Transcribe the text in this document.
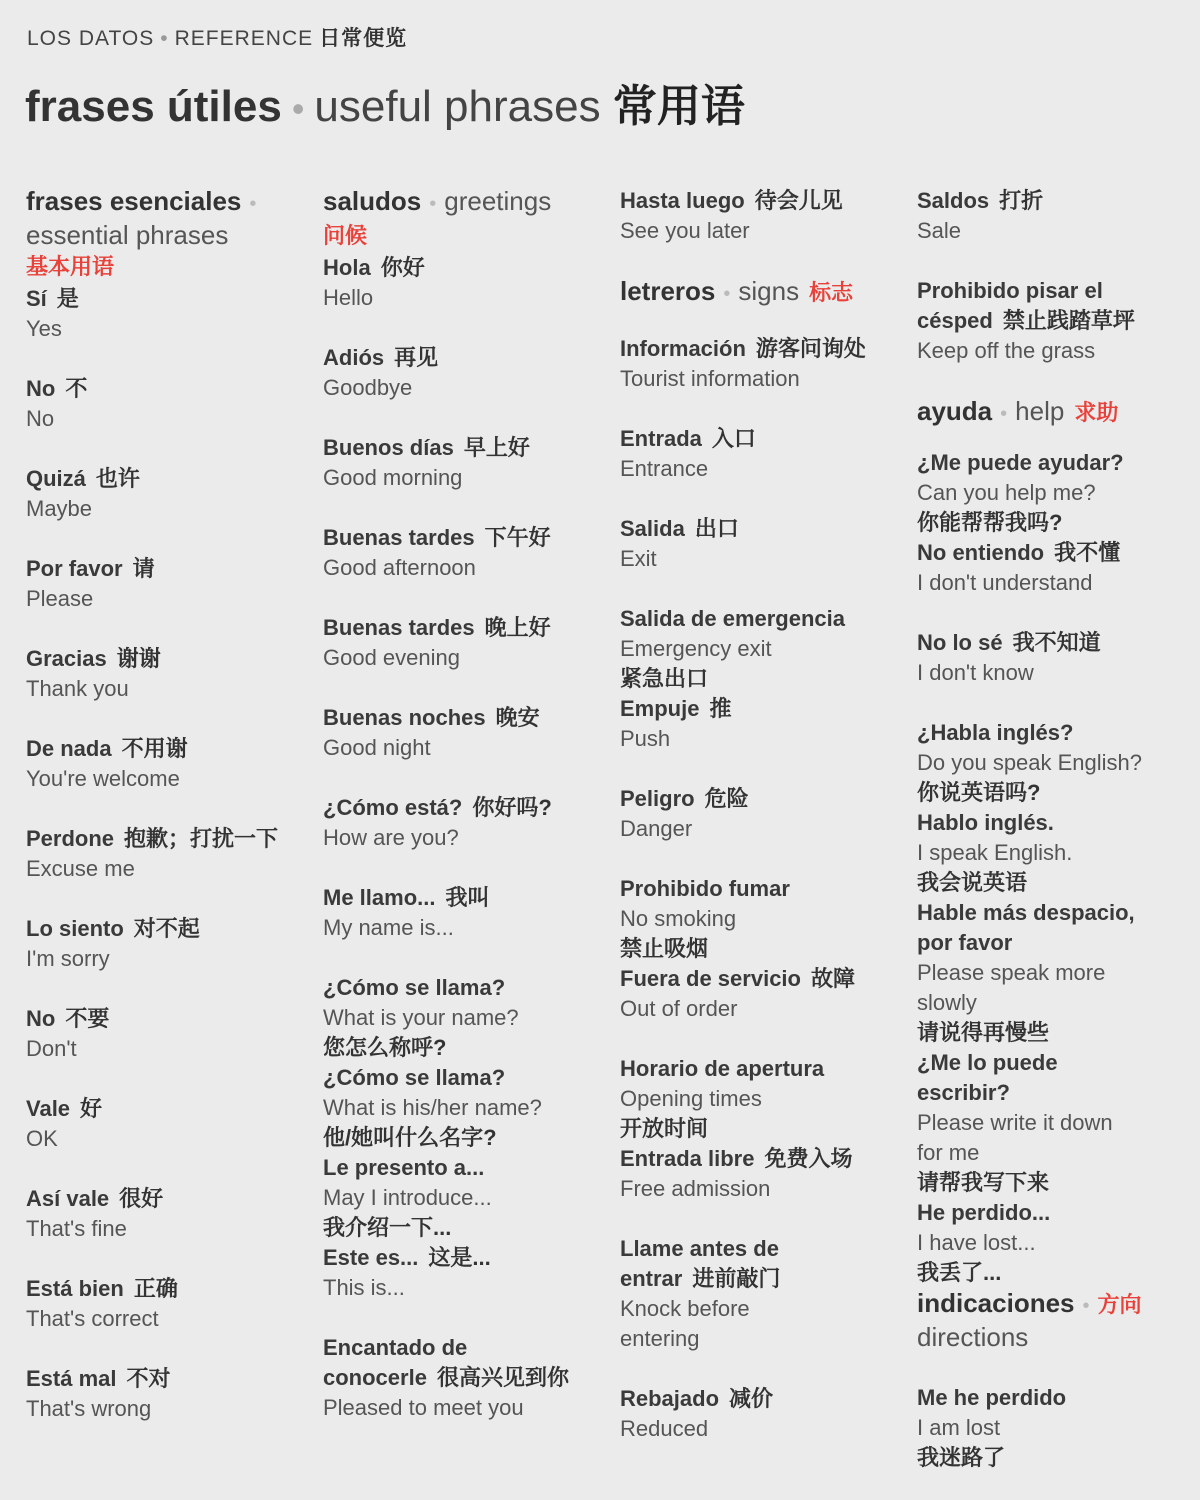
LOS DATOS • REFERENCE 日常便览
frases útiles • useful phrases 常用语
frases esenciales •
essential phrases
基本用语
Sí 是
Yes
No 不
No
Quizá 也许
Maybe
Por favor 请
Please
Gracias 谢谢
Thank you
De nada 不用谢
You're welcome
Perdone 抱歉；打扰一下
Excuse me
Lo siento 对不起
I'm sorry
No 不要
Don't
Vale 好
OK
Así vale 很好
That's fine
Está bien 正确
That's correct
Está mal 不对
That's wrong
saludos • greetings
问候
Hola 你好
Hello
Adiós 再见
Goodbye
Buenos días 早上好
Good morning
Buenas tardes 下午好
Good afternoon
Buenas tardes 晚上好
Good evening
Buenas noches 晚安
Good night
¿Cómo está? 你好吗?
How are you?
Me llamo... 我叫
My name is...
¿Cómo se llama?
What is your name?
您怎么称呼?
¿Cómo se llama?
What is his/her name?
他/她叫什么名字?
Le presento a...
May I introduce...
我介绍一下...
Este es... 这是...
This is...
Encantado de
conocerle 很高兴见到你
Pleased to meet you
Hasta luego 待会儿见
See you later
letreros • signs 标志
Información 游客问询处
Tourist information
Entrada 入口
Entrance
Salida 出口
Exit
Salida de emergencia
Emergency exit
紧急出口
Empuje 推
Push
Peligro 危险
Danger
Prohibido fumar
No smoking
禁止吸烟
Fuera de servicio 故障
Out of order
Horario de apertura
Opening times
开放时间
Entrada libre 免费入场
Free admission
Llame antes de
entrar 进前敲门
Knock before
entering
Rebajado 减价
Reduced
Saldos 打折
Sale
Prohibido pisar el
césped 禁止践踏草坪
Keep off the grass
ayuda • help 求助
¿Me puede ayudar?
Can you help me?
你能帮帮我吗?
No entiendo 我不懂
I don't understand
No lo sé 我不知道
I don't know
¿Habla inglés?
Do you speak English?
你说英语吗?
Hablo inglés.
I speak English.
我会说英语
Hable más despacio,
por favor
Please speak more
slowly
请说得再慢些
¿Me lo puede
escribir?
Please write it down
for me
请帮我写下来
He perdido...
I have lost...
我丢了...
indicaciones • 方向
directions
Me he perdido
I am lost
我迷路了
